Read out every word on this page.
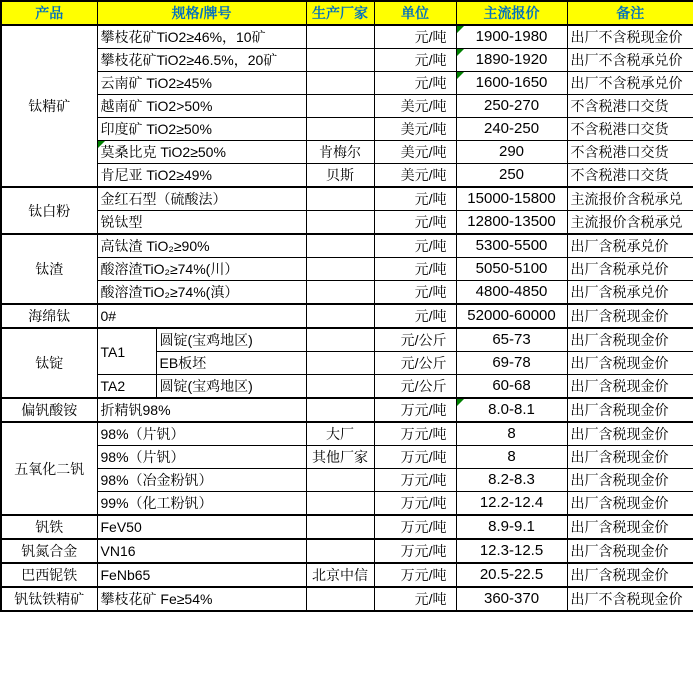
产品	规格/牌号		生产厂家	单位	主流报价	备注
钛精矿	攀枝花矿TiO2≥46%，10矿			元/吨	1900-1980	出厂不含税现金价
	攀枝花矿TiO2≥46.5%，20矿			元/吨	1890-1920	出厂不含税承兑价
	云南矿 TiO2≥45%			元/吨	1600-1650	出厂不含税承兑价
	越南矿 TiO2>50%			美元/吨	250-270	不含税港口交货
	印度矿 TiO2≥50%			美元/吨	240-250	不含税港口交货
	莫桑比克 TiO2≥50%		肯梅尔	美元/吨	290	不含税港口交货
	肯尼亚 TiO2≥49%		贝斯	美元/吨	250	不含税港口交货
钛白粉	金红石型（硫酸法）			元/吨	15000-15800	主流报价含税承兑
	锐钛型			元/吨	12800-13500	主流报价含税承兑
钛渣	高钛渣 TiO₂≥90%			元/吨	5300-5500	出厂含税承兑价
	酸溶渣TiO₂≥74%(川）			元/吨	5050-5100	出厂含税承兑价
	酸溶渣TiO₂≥74%(滇）			元/吨	4800-4850	出厂含税承兑价
海绵钛	0#			元/吨	52000-60000	出厂含税现金价
钛锭	TA1	圆锭(宝鸡地区)		元/公斤	65-73	出厂含税现金价
		EB板坯		元/公斤	69-78	出厂含税现金价
	TA2	圆锭(宝鸡地区)		元/公斤	60-68	出厂含税现金价
偏钒酸铵	折精钒98%			万元/吨	8.0-8.1	出厂含税现金价
五氧化二钒	98%（片钒）		大厂	万元/吨	8	出厂含税现金价
	98%（片钒）		其他厂家	万元/吨	8	出厂含税现金价
	98%（冶金粉钒）			万元/吨	8.2-8.3	出厂含税现金价
	99%（化工粉钒）			万元/吨	12.2-12.4	出厂含税现金价
钒铁	FeV50			万元/吨	8.9-9.1	出厂含税现金价
钒氮合金	VN16			万元/吨	12.3-12.5	出厂含税现金价
巴西铌铁	FeNb65		北京中信	万元/吨	20.5-22.5	出厂含税现金价
钒钛铁精矿	攀枝花矿 Fe≥54%			元/吨	360-370	出厂不含税现金价
